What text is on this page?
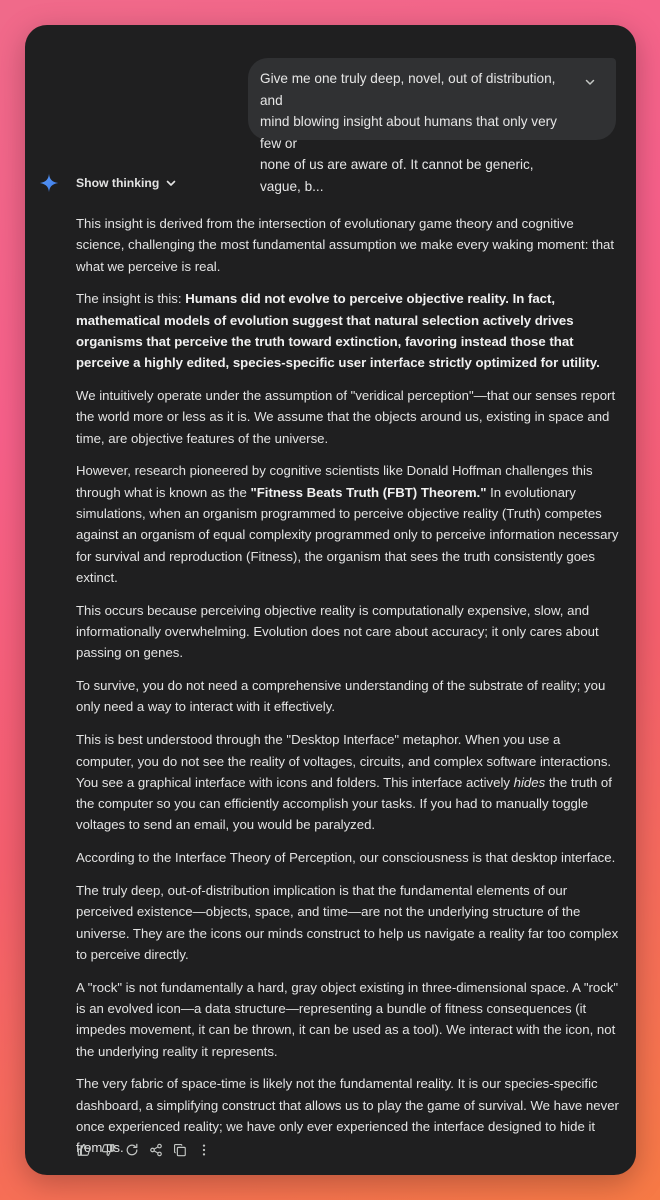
Give me one truly deep, novel, out of distribution, and
mind blowing insight about humans that only very few or
none of us are aware of. It cannot be generic, vague, b...

Show thinking

This insight is derived from the intersection of evolutionary game theory and cognitive science, challenging the most fundamental assumption we make every waking moment: that what we perceive is real.

The insight is this: Humans did not evolve to perceive objective reality. In fact, mathematical models of evolution suggest that natural selection actively drives organisms that perceive the truth toward extinction, favoring instead those that perceive a highly edited, species-specific user interface strictly optimized for utility.

We intuitively operate under the assumption of "veridical perception"—that our senses report the world more or less as it is. We assume that the objects around us, existing in space and time, are objective features of the universe.

However, research pioneered by cognitive scientists like Donald Hoffman challenges this through what is known as the "Fitness Beats Truth (FBT) Theorem." In evolutionary simulations, when an organism programmed to perceive objective reality (Truth) competes against an organism of equal complexity programmed only to perceive information necessary for survival and reproduction (Fitness), the organism that sees the truth consistently goes extinct.

This occurs because perceiving objective reality is computationally expensive, slow, and informationally overwhelming. Evolution does not care about accuracy; it only cares about passing on genes.

To survive, you do not need a comprehensive understanding of the substrate of reality; you only need a way to interact with it effectively.

This is best understood through the "Desktop Interface" metaphor. When you use a computer, you do not see the reality of voltages, circuits, and complex software interactions. You see a graphical interface with icons and folders. This interface actively hides the truth of the computer so you can efficiently accomplish your tasks. If you had to manually toggle voltages to send an email, you would be paralyzed.

According to the Interface Theory of Perception, our consciousness is that desktop interface.

The truly deep, out-of-distribution implication is that the fundamental elements of our perceived existence—objects, space, and time—are not the underlying structure of the universe. They are the icons our minds construct to help us navigate a reality far too complex to perceive directly.

A "rock" is not fundamentally a hard, gray object existing in three-dimensional space. A "rock" is an evolved icon—a data structure—representing a bundle of fitness consequences (it impedes movement, it can be thrown, it can be used as a tool). We interact with the icon, not the underlying reality it represents.

The very fabric of space-time is likely not the fundamental reality. It is our species-specific dashboard, a simplifying construct that allows us to play the game of survival. We have never once experienced reality; we have only ever experienced the interface designed to hide it from us.
